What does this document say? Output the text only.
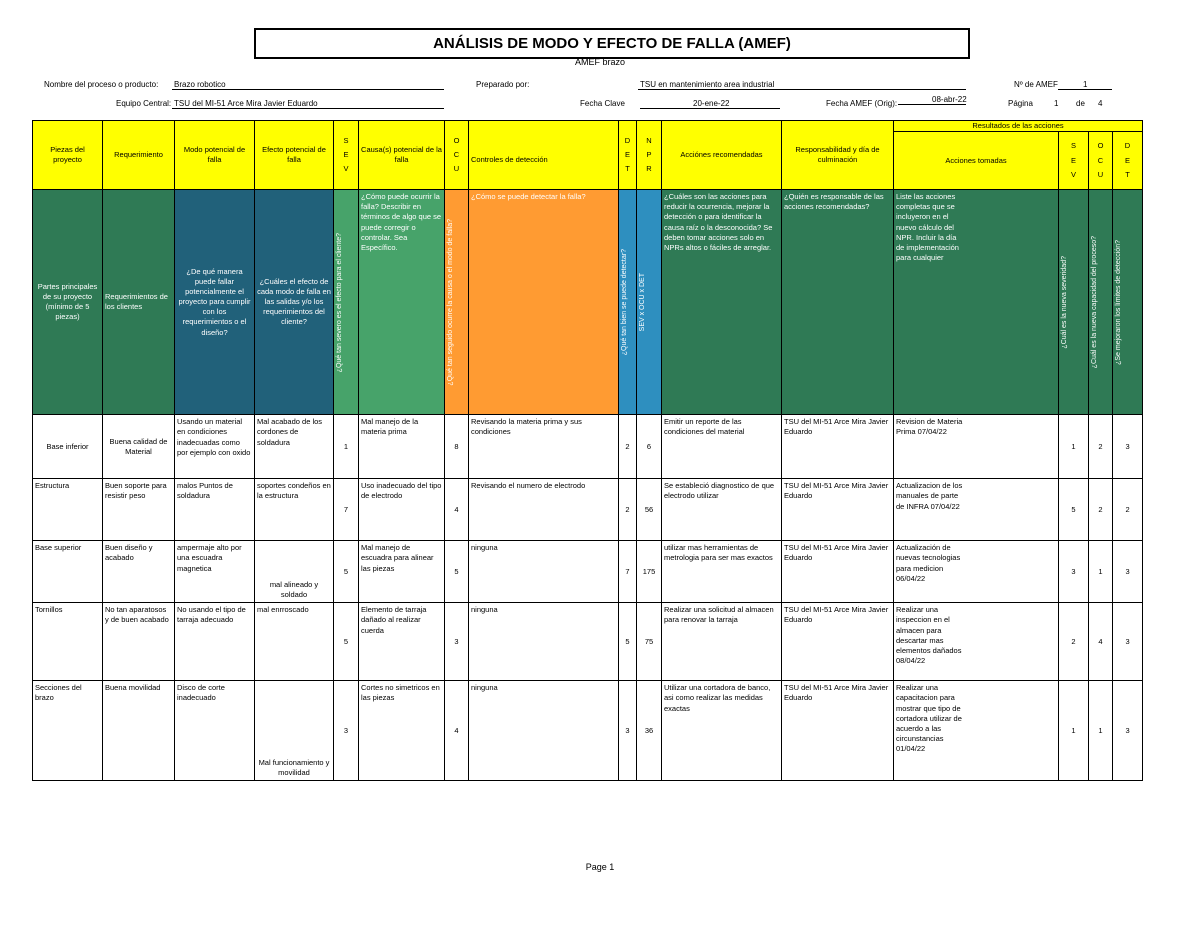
ANÁLISIS DE MODO Y EFECTO DE FALLA (AMEF)
AMEF brazo
Nombre del proceso o producto: Brazo robotico	Preparado por:	TSU en mantenimiento area industrial	Nº de AMEF	1
Equipo Central: TSU del MI-51 Arce Mira Javier Eduardo	Fecha Clave	20-ene-22	Fecha AMEF (Orig):	08-abr-22	Página	1 de 4
Piezas del proyecto	Requerimiento	Modo potencial de falla	Efecto potencial de falla	S E V	Causa(s) potencial de la falla	O C U		D E T	N P R	Acciónes recomendadas	Responsabilidad y día de culminación	Resultados de las acciones				
							Controles de detección					Acciones tomadas	S E V	O C U	D E T	
Partes principales de su proyecto (mínimo de 5 piezas)	Requerimientos de los clientes	¿De qué manera puede fallar potencialmente el proyecto para cumplir con los requerimientos o el diseño?	¿Cuáles el efecto de cada modo de falla en las salidas y/o los requerimientos del cliente?	¿Qué tan severo es el efecto para el cliente?	¿Cómo puede ocurrir la falla? Describir en términos de algo que se puede corregir o controlar. Sea Específico.	¿Qué tan seguido ocurre la causa o el modo de falla?	¿Cómo se puede detectar la falla?	¿Qué tan bien se puede detectar?	SEV x OCU x DET	¿Cuáles son las acciones para reducir la ocurrencia, mejorar la detección o para identificar la causa raíz o la desconocida? Se deben tomar acciones solo en NPRs altos o fáciles de arreglar.	¿Quién es responsable de las acciones recomendadas?	Liste las acciones completas que se incluyeron en el nuevo cálculo del NPR. Incluir la día de implementación para cualquier	¿Cuál es la nueva severidad?	¿Cuál es la nueva capacidad del proceso?	¿Se mejoraron los límites de detección?

Base inferior	Buena calidad de Material	Usando un material en condiciones inadecuadas como por ejemplo con oxido	Mal acabado de los cordones de soldadura	1	Mal manejo de la materia prima	8	Revisando la materia prima y sus condiciones	2	6	Emitir un reporte de las condiciones del material	TSU del MI-51 Arce Mira Javier Eduardo	Revision de Materia Prima 07/04/22	1	2	3	
Estructura	Buen soporte para resistir peso	malos Puntos de soldadura	soportes condeños en la estructura	7	Uso inadecuado del tipo de electrodo	4	Revisando el numero de electrodo	2	56	Se estableció diagnostico de que electrodo utilizar	TSU del MI-51 Arce Mira Javier Eduardo	Actualizacion de los manuales de parte de INFRA 07/04/22	5	2	2	
Base superior	Buen diseño y acabado	ampermaje alto por una escuadra magnetica	mal alineado y soldado	5	Mal manejo de escuadra para alinear las piezas	5	ninguna	7	175	utilizar mas herramientas de metrologia para ser mas exactos	TSU del MI-51 Arce Mira Javier Eduardo	Actualización de nuevas tecnologias para medicion 06/04/22	3	1	3	
Tornillos	No tan aparatosos y de buen acabado	No usando el tipo de tarraja adecuado	mal enrroscado	5	Elemento de tarraja dañado al realizar cuerda	3	ninguna	5	75	Realizar una solicitud al almacen para renovar la tarraja	TSU del MI-51 Arce Mira Javier Eduardo	Realizar una inspeccion en el almacen para descartar mas elementos dañados 08/04/22	2	4	3	
Secciones del brazo	Buena movilidad	Disco de corte inadecuado	Mal funcionamiento y movilidad	3	Cortes no simetricos en las piezas	4	ninguna	3	36	Utilizar una cortadora de banco, asi como realizar las medidas exactas	TSU del MI-51 Arce Mira Javier Eduardo	Realizar una capacitacion para mostrar que tipo de cortadora utilizar de acuerdo a las circunstancias 01/04/22	1	1	3	
Page 1
